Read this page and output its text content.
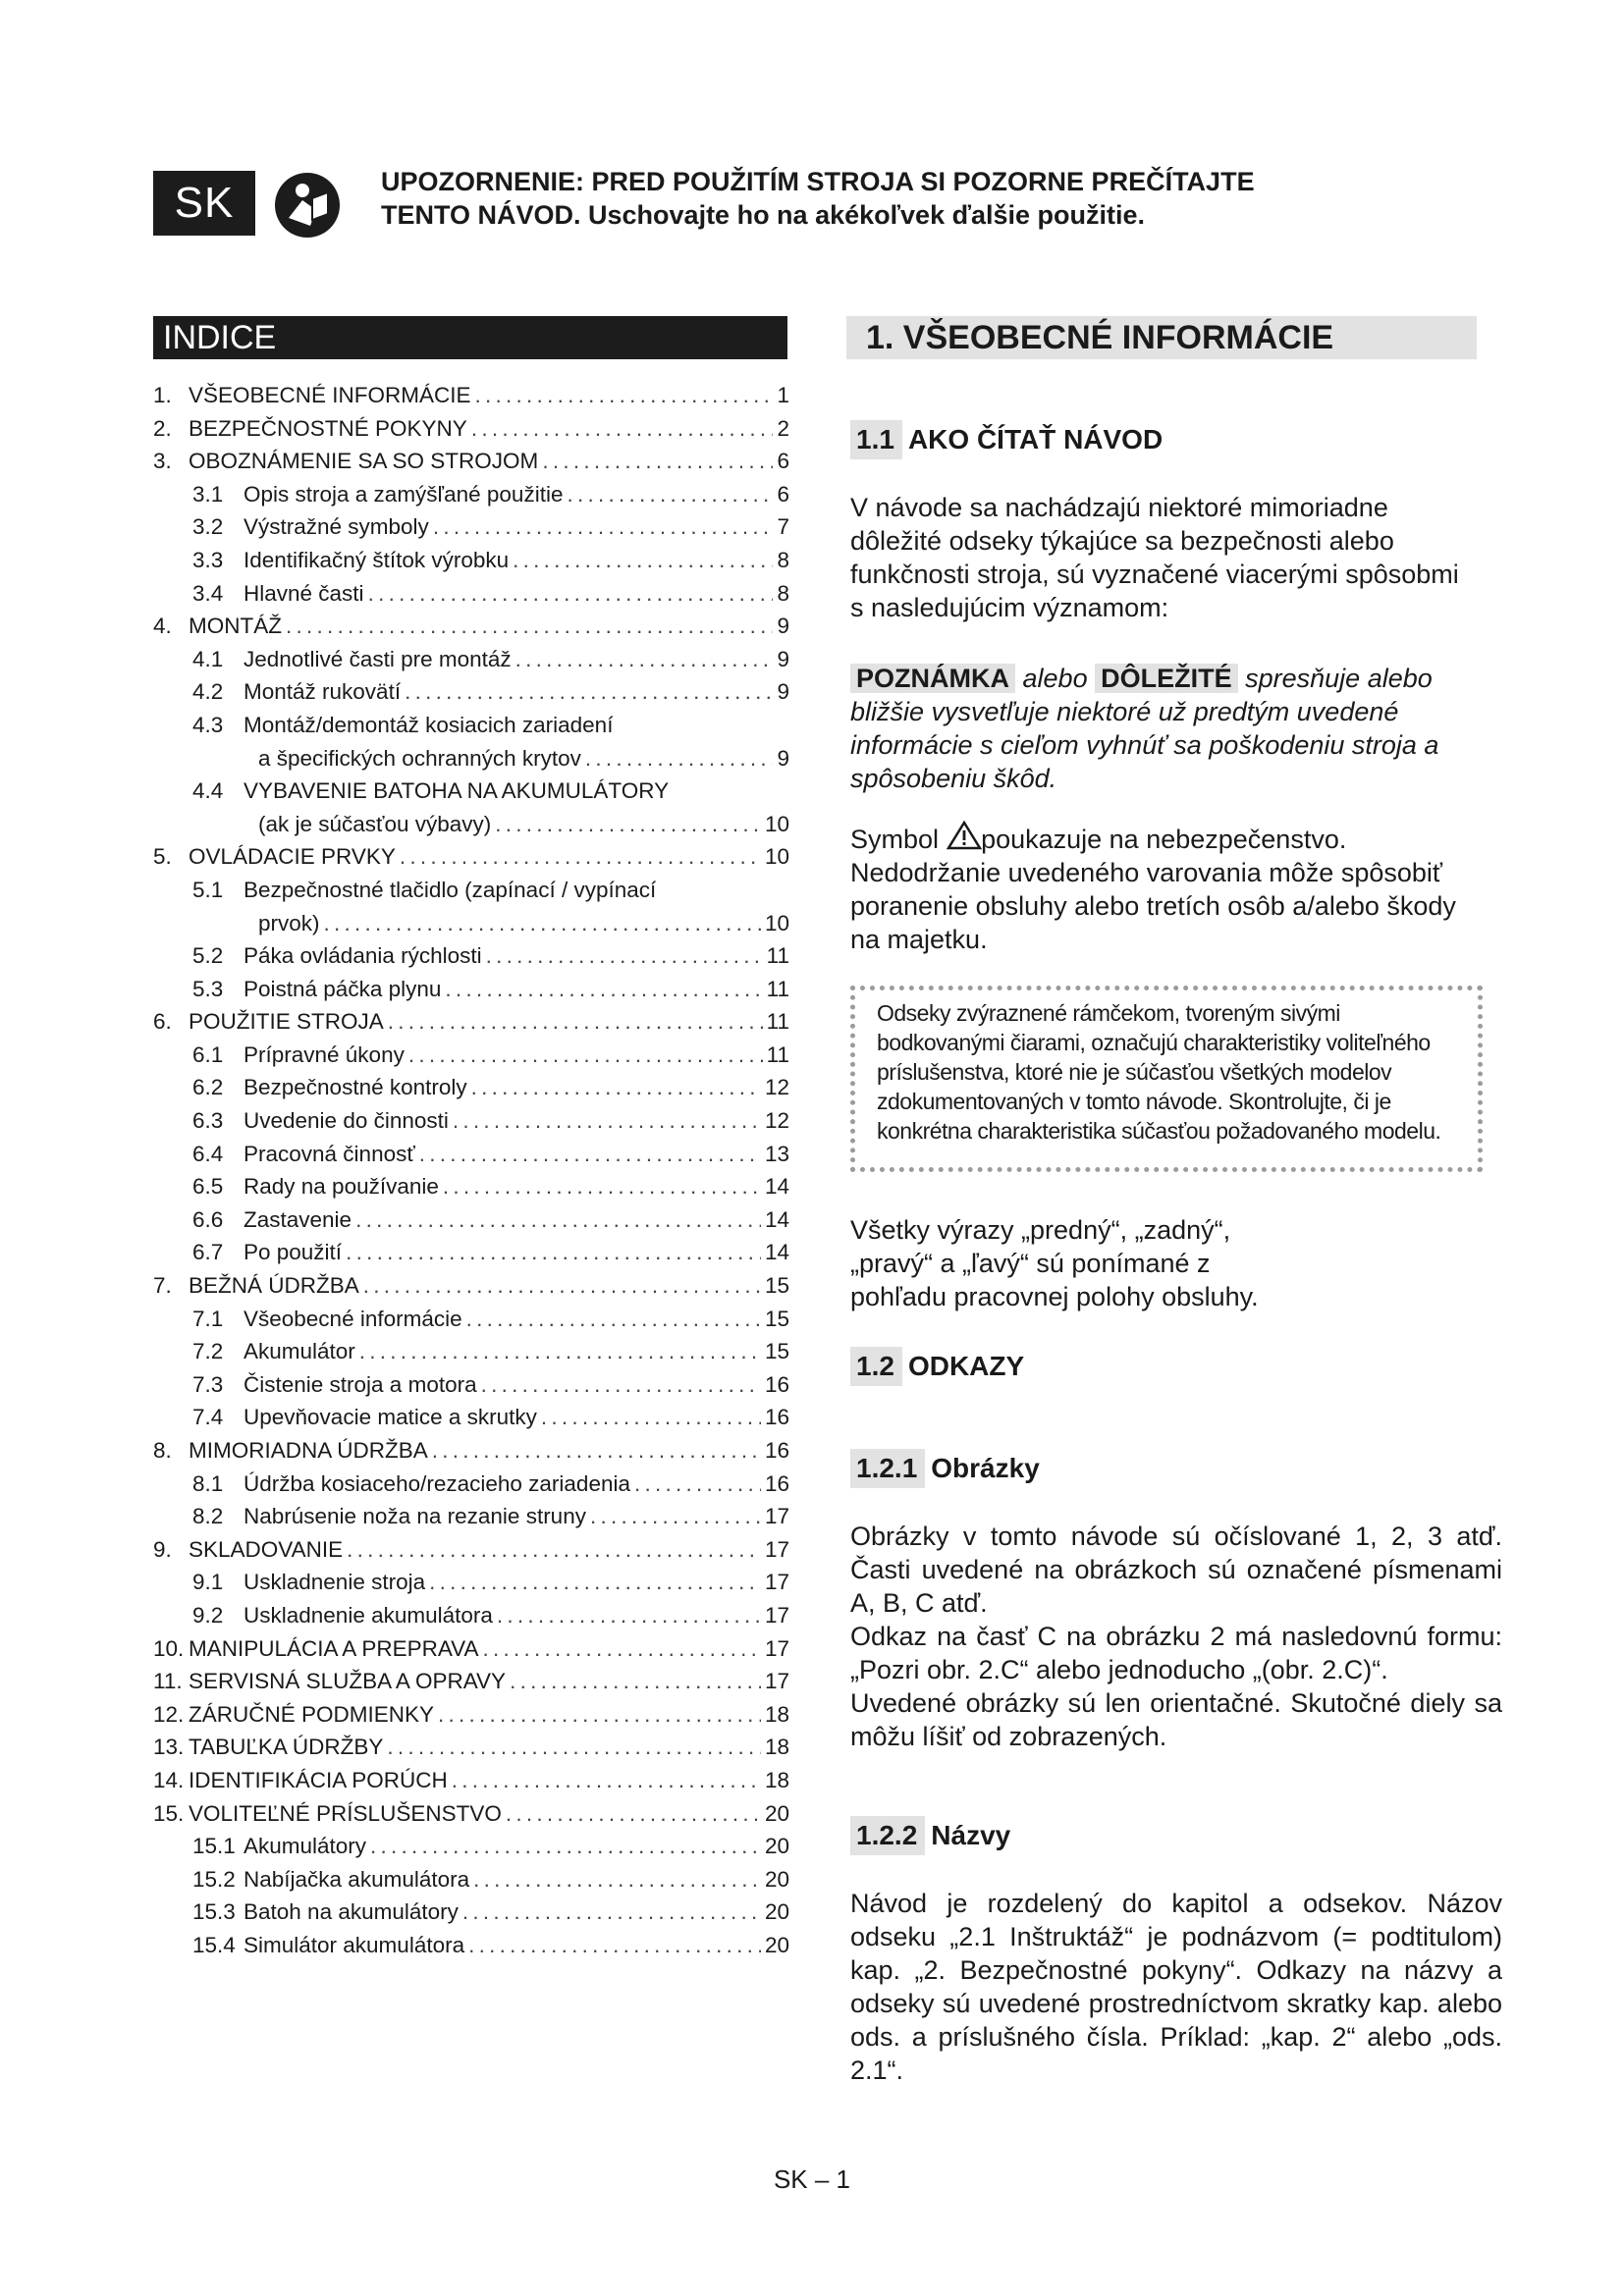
SK	UPOZORNENIE: PRED POUŽITÍM STROJA SI POZORNE PREČÍTAJTE
TENTO NÁVOD. Uschovajte ho na akékoľvek ďalšie použitie.
INDICE
1. VŠEOBECNÉ INFORMÁCIE . . .	1
2. BEZPEČNOSTNÉ POKYNY . . .	2
3. OBOZNÁMENIE SA SO STROJOM . . .	6
3.1 Opis stroja a zamýšľané použitie . . .	6
3.2 Výstražné symboly . . .	7
3.3 Identifikačný štítok výrobku . . .	8
3.4 Hlavné časti . . .	8
4. MONTÁŽ . . .	9
4.1 Jednotlivé časti pre montáž . . .	9
4.2 Montáž rukovätí . . .	9
4.3 Montáž/demontáž kosiacich zariadení
a špecifických ochranných krytov . . .	9
4.4 VYBAVENIE BATOHA NA AKUMULÁTORY
(ak je súčasťou výbavy) . . .	10
5. OVLÁDACIE PRVKY . . .	10
5.1 Bezpečnostné tlačidlo (zapínací / vypínací
prvok) . . .	10
5.2 Páka ovládania rýchlosti . . .	11
5.3 Poistná páčka plynu . . .	11
6. POUŽITIE STROJA . . .	11
6.1 Prípravné úkony . . .	11
6.2 Bezpečnostné kontroly . . .	12
6.3 Uvedenie do činnosti . . .	12
6.4 Pracovná činnosť . . .	13
6.5 Rady na používanie . . .	14
6.6 Zastavenie . . .	14
6.7 Po použití . . .	14
7. BEŽNÁ ÚDRŽBA . . .	15
7.1 Všeobecné informácie . . .	15
7.2 Akumulátor . . .	15
7.3 Čistenie stroja a motora . . .	16
7.4 Upevňovacie matice a skrutky . . .	16
8. MIMORIADNA ÚDRŽBA . . .	16
8.1 Údržba kosiaceho/rezacieho zariadenia . . .	16
8.2 Nabrúsenie noža na rezanie struny . . .	17
9. SKLADOVANIE . . .	17
9.1 Uskladnenie stroja . . .	17
9.2 Uskladnenie akumulátora . . .	17
10. MANIPULÁCIA A PREPRAVA . . .	17
11. SERVISNÁ SLUŽBA A OPRAVY . . .	17
12. ZÁRUČNÉ PODMIENKY . . .	18
13. TABUĽKA ÚDRŽBY . . .	18
14. IDENTIFIKÁCIA PORÚCH . . .	18
15. VOLITEĽNÉ PRÍSLUŠENSTVO . . .	20
15.1 Akumulátory . . .	20
15.2 Nabíjačka akumulátora . . .	20
15.3 Batoh na akumulátory . . .	20
15.4 Simulátor akumulátora . . .	20
1. VŠEOBECNÉ INFORMÁCIE
1.1 AKO ČÍTAŤ NÁVOD
V návode sa nachádzajú niektoré mimoriadne dôležité odseky týkajúce sa bezpečnosti alebo funkčnosti stroja, sú vyznačené viacerými spôsobmi s nasledujúcim významom:
POZNÁMKA alebo DÔLEŽITÉ spresňuje alebo bližšie vysvetľuje niektoré už predtým uvedené informácie s cieľom vyhnúť sa poškodeniu stroja a spôsobeniu škôd.
Symbol poukazuje na nebezpečenstvo. Nedodržanie uvedeného varovania môže spôsobiť poranenie obsluhy alebo tretích osôb a/alebo škody na majetku.
Odseky zvýraznené rámčekom, tvoreným sivými bodkovanými čiarami, označujú charakteristiky voliteľného príslušenstva, ktoré nie je súčasťou všetkých modelov zdokumentovaných v tomto návode. Skontrolujte, či je konkrétna charakteristika súčasťou požadovaného modelu.
Všetky výrazy „predný“, „zadný“, „pravý“ a „ľavý“ sú ponímané z pohľadu pracovnej polohy obsluhy.
1.2 ODKAZY
1.2.1 Obrázky
Obrázky v tomto návode sú očíslované 1, 2, 3 atď. Časti uvedené na obrázkoch sú označené písmenami A, B, C atď.
Odkaz na časť C na obrázku 2 má nasledovnú formu: „Pozri obr. 2.C“ alebo jednoducho „(obr. 2.C)“.
Uvedené obrázky sú len orientačné. Skutočné diely sa môžu líšiť od zobrazených.
1.2.2 Názvy
Návod je rozdelený do kapitol a odsekov. Názov odseku „2.1 Inštruktáž“ je podnázvom (= podtitulom) kap. „2. Bezpečnostné pokyny“. Odkazy na názvy a odseky sú uvedené prostredníctvom skratky kap. alebo ods. a príslušného čísla. Príklad: „kap. 2“ alebo „ods. 2.1“.
SK – 1
